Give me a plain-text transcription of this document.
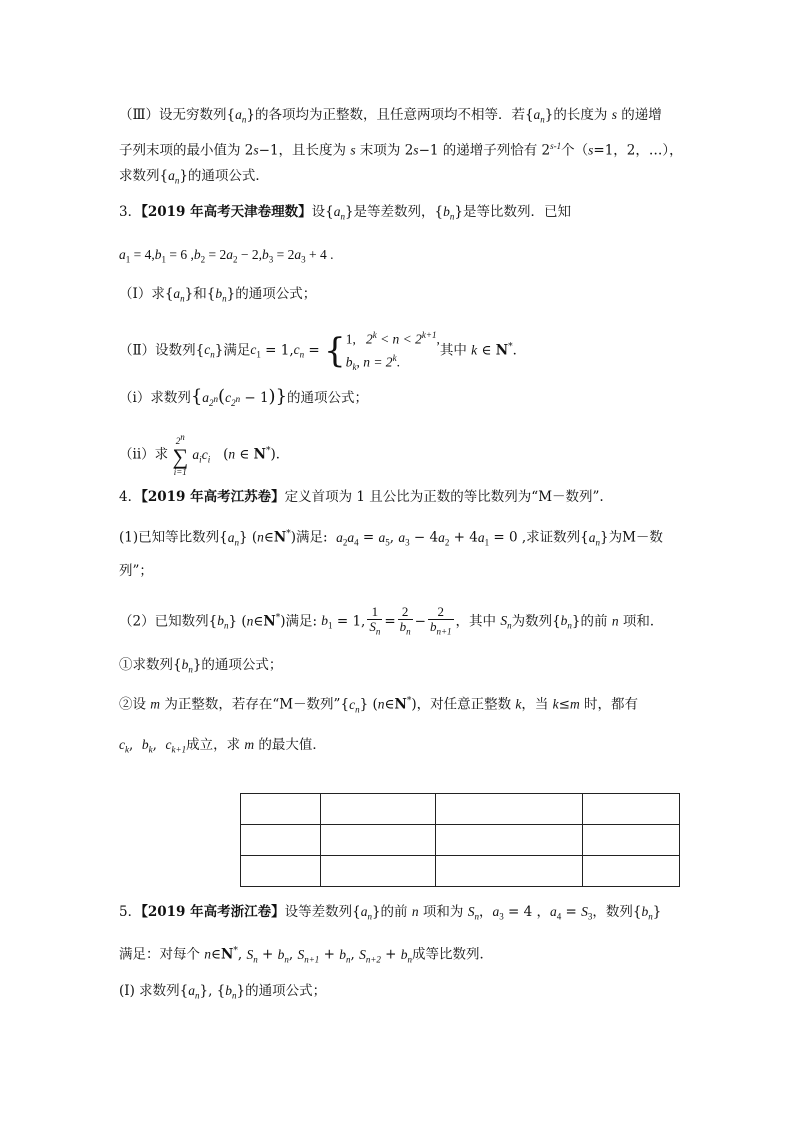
（Ⅲ）设无穷数列$\{a_n\}$的各项均为正整数，且任意两项均不相等．若$\{a_n\}$的长度为 s 的递增
子列末项的最小值为 2s−1，且长度为 s 末项为 2s−1 的递增子列恰有 2$^{s-1}$个（s=1，2，…），
求数列$\{a_n\}$的通项公式．
3．【2019 年高考天津卷理数】设$\{a_n\}$是等差数列，$\{b_n\}$是等比数列．已知
$a_1 = 4,b_1 = 6$ $,b_2 = 2a_2 - 2,b_3 = 2a_3 + 4$ .
（Ⅰ）求$\{a_n\}$和$\{b_n\}$的通项公式；
（Ⅱ）设数列$\{c_n\}$满足$c_1 = 1,c_n$ = { 1,   $2^k < n < 2^{k+1}$,
$b_k$, $n = 2^k$.
其中 k ∈ N*．
（i）求数列$\{a_{2^n}(c_{2^n} - 1)\}$的通项公式；
（ii）求
2$^n$
∑
i=1
$a_ic_i$   (n ∈ N*)．
4．【2019 年高考江苏卷】定义首项为 1 且公比为正数的等比数列为“M－数列”.
(1)已知等比数列$\{a_n\}$ (n∈N*)满足:  $a_2a_4 = a_5$, $a_3 - 4a_2 + 4a_1 = 0$ ,求证数列$\{a_n\}$为M－数
列”；
（2）已知数列$\{b_n\}$ (n∈N*)满足: $b_1 = 1$, $\frac{1}{S_n} = \frac{2}{b_n} - \frac{2}{b_{n+1}}$ ，其中 $S_n$为数列$\{b_n\}$的前 n 项和．
①求数列$\{b_n\}$的通项公式；
②设 m 为正整数，若存在“M－数列$”\{c_n\}$ (n∈N*)，对任意正整数 k，当 k≤m 时，都有
$c_k$,  $b_k$,  $c_{k+1}$成立，求 m 的最大值．

5．【2019 年高考浙江卷】设等差数列$\{a_n\}$的前 n 项和为 $S_n$，$a_3 = 4$ ，$a_4 = S_3$，数列$\{b_n\}$
满足：对每个 n∈N*, $S_n + b_n$, $S_{n+1} + b_n$, $S_{n+2} + b_n$成等比数列．
(Ⅰ) 求数列$\{a_n\}$, $\{b_n\}$的通项公式；
